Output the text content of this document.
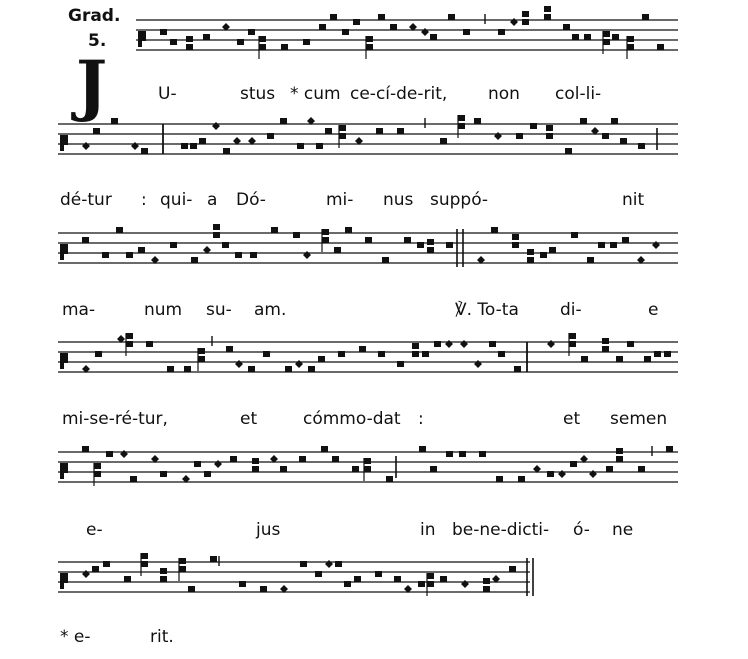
Grad.
5.
J	U-	stus * cum ce-cí-de-rit, non col-li-
dé-tur : qui- a Dó-	mi- nus suppó-	nit
ma-	num su- am.	℣. To-ta di-	e
mi-se-ré-tur,	et	cómmo-dat :	et semen
e-	jus	in be-ne-dicti- ó- ne
* e-	rit.
